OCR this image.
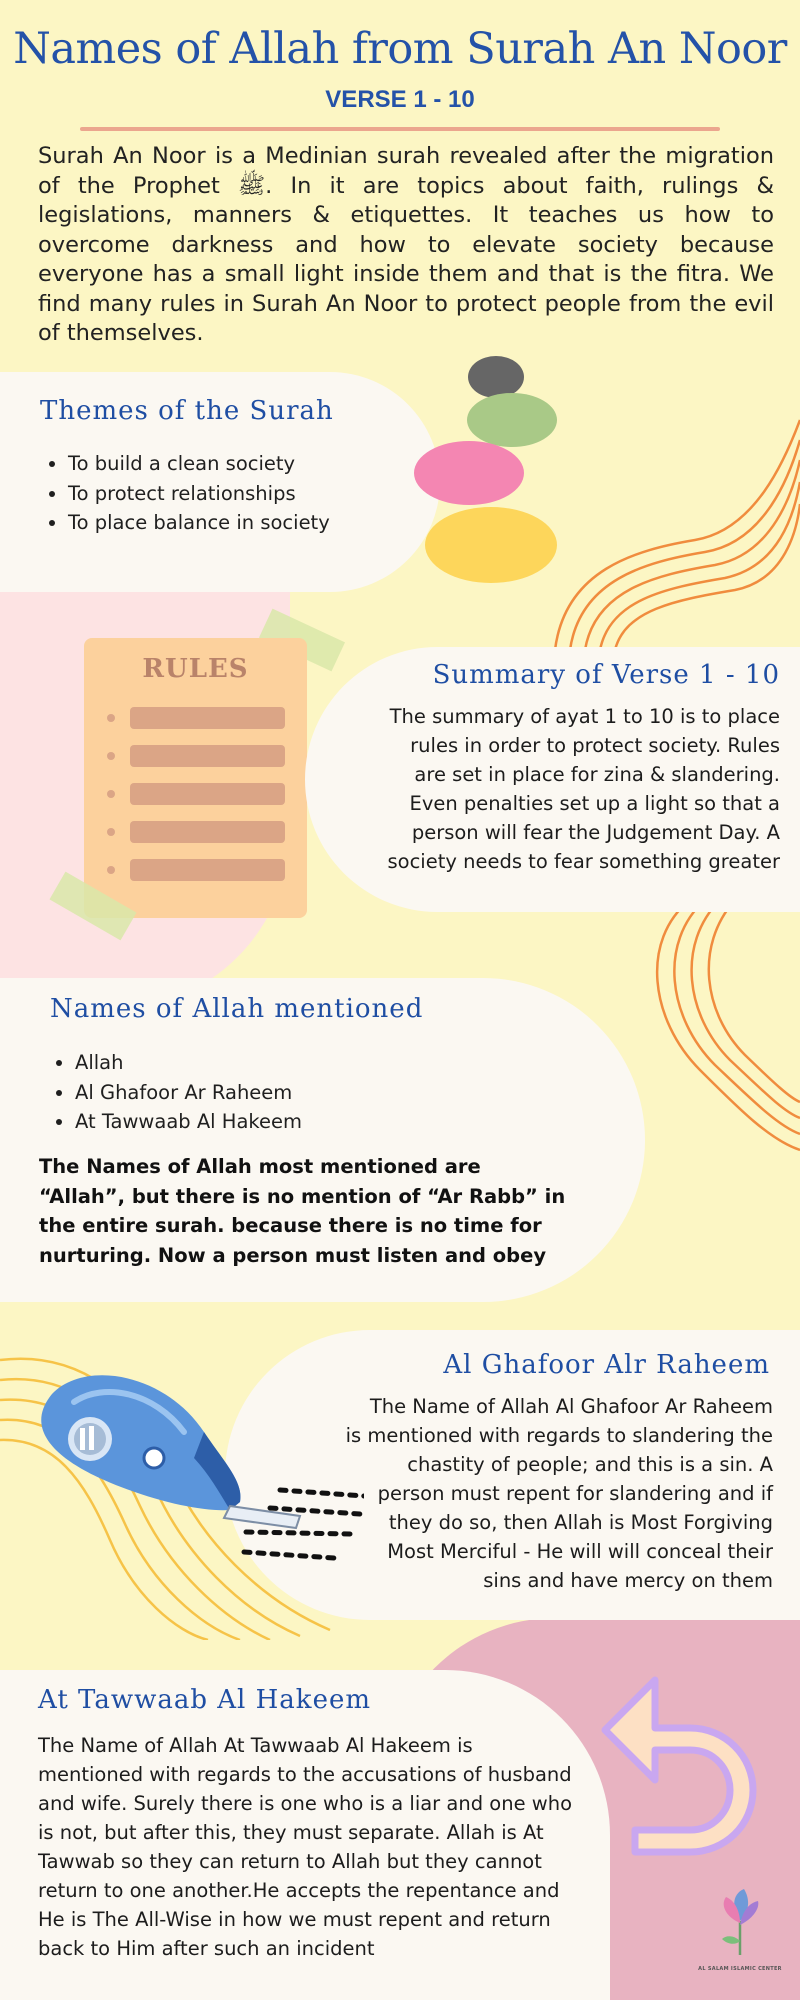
Names of Allah from Surah An Noor
VERSE 1 - 10
Surah An Noor is a Medinian surah revealed after the migration of the Prophet ﷺ. In it are topics about faith, rulings & legislations, manners & etiquettes. It teaches us how to overcome darkness and how to elevate society because everyone has a small light inside them and that is the fitra. We find many rules in Surah An Noor to protect people from the evil of themselves.
Themes of the Surah
• To build a clean society
• To protect relationships
• To place balance in society
RULES	Summary of Verse 1 - 10
The summary of ayat 1 to 10 is to place
rules in order to protect society. Rules
are set in place for zina & slandering.
Even penalties set up a light so that a
person will fear the Judgement Day. A
society needs to fear something greater
Names of Allah mentioned
• Allah
• Al Ghafoor Ar Raheem
• At Tawwaab Al Hakeem
The Names of Allah most mentioned are
“Allah”, but there is no mention of “Ar Rabb” in
the entire surah. because there is no time for
nurturing. Now a person must listen and obey
Al Ghafoor Alr Raheem
The Name of Allah Al Ghafoor Ar Raheem
is mentioned with regards to slandering the
chastity of people; and this is a sin. A
person must repent for slandering and if
they do so, then Allah is Most Forgiving
Most Merciful - He will will conceal their
sins and have mercy on them
At Tawwaab Al Hakeem
The Name of Allah At Tawwaab Al Hakeem is
mentioned with regards to the accusations of husband
and wife. Surely there is one who is a liar and one who
is not, but after this, they must separate. Allah is At
Tawwab so they can return to Allah but they cannot
return to one another.He accepts the repentance and
He is The All-Wise in how we must repent and return
back to Him after such an incident
AL SALAM ISLAMIC CENTER
